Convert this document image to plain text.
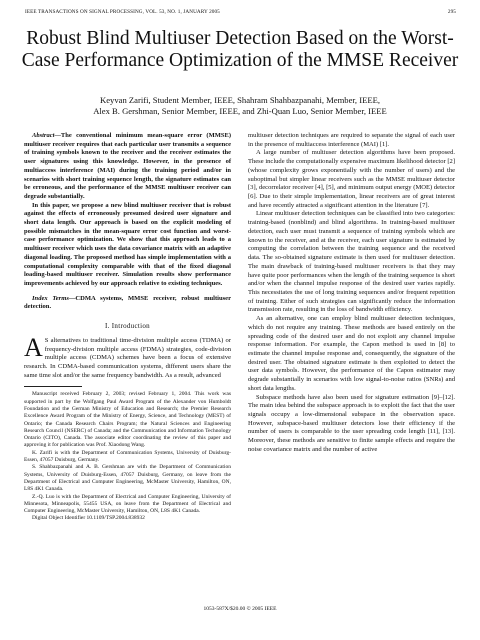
IEEE TRANSACTIONS ON SIGNAL PROCESSING, VOL. 53, NO. 1, JANUARY 2005	295
Robust Blind Multiuser Detection Based on the Worst-Case Performance Optimization of the MMSE Receiver
Keyvan Zarifi, Student Member, IEEE, Shahram Shahbazpanahi, Member, IEEE,
Alex B. Gershman, Senior Member, IEEE, and Zhi-Quan Luo, Senior Member, IEEE

Abstract—The conventional minimum mean-square error (MMSE) multiuser receiver requires that each particular user transmits a sequence of training symbols known to the receiver and the receiver estimates the user signatures using this knowledge. However, in the presence of multiaccess interference (MAI) during the training period and/or in scenarios with short training sequence length, the signature estimates can be erroneous, and the performance of the MMSE multiuser receiver can degrade substantially.

In this paper, we propose a new blind multiuser receiver that is robust against the effects of erroneously presumed desired user signature and short data length. Our approach is based on the explicit modeling of possible mismatches in the mean-square error cost function and worst-case performance optimization. We show that this approach leads to a multiuser receiver which uses the data covariance matrix with an adaptive diagonal loading. The proposed method has simple implementation with a computational complexity comparable with that of the fixed diagonal loading-based multiuser receiver. Simulation results show performance improvements achieved by our approach relative to existing techniques.

Index Terms—CDMA systems, MMSE receiver, robust multiuser detection.

I. Introduction

A S alternatives to traditional time-division multiple access (TDMA) or frequency-division multiple access (FDMA) strategies, code-division multiple access (CDMA) schemes have been a focus of extensive research. In CDMA-based communication systems, different users share the same time slot and/or the same frequency bandwidth. As a result, advanced

Manuscript received February 2, 2003; revised February 1, 2004. This work was supported in part by the Wolfgang Paul Award Program of the Alexander von Humboldt Foundation and the German Ministry of Education and Research; the Premier Research Excellence Award Program of the Ministry of Energy, Science, and Technology (MEST) of Ontario; the Canada Research Chairs Program; the Natural Sciences and Engineering Research Council (NSERC) of Canada; and the Communication and Information Technology Ontario (CITO), Canada. The associate editor coordinating the review of this paper and approving it for publication was Prof. Xiaodong Wang.

K. Zarifi is with the Department of Communication Systems, University of Duisburg-Essen, 47057 Duisburg, Germany.

S. Shahbazpanahi and A. B. Gershman are with the Department of Communication Systems, University of Duisburg-Essen, 47057 Duisburg, Germany, on leave from the Department of Electrical and Computer Engineering, McMaster University, Hamilton, ON, L8S 4K1 Canada.

Z.-Q. Luo is with the Department of Electrical and Computer Engineering, University of Minnesota, Minneapolis, 55455 USA, on leave from the Department of Electrical and Computer Engineering, McMaster University, Hamilton, ON, L8S 4K1 Canada.

Digital Object Identifier 10.1109/TSP.2004.838932

multiuser detection techniques are required to separate the signal of each user in the presence of multiaccess interference (MAI) [1].

A large number of multiuser detection algorithms have been proposed. These include the computationally expensive maximum likelihood detector [2] (whose complexity grows exponentially with the number of users) and the suboptimal but simpler linear receivers such as the MMSE multiuser detector [3], decorrelator receiver [4], [5], and minimum output energy (MOE) detector [6]. Due to their simple implementation, linear receivers are of great interest and have recently attracted a significant attention in the literature [7].

Linear multiuser detection techniques can be classified into two categories: training-based (nonblind) and blind algorithms. In training-based multiuser detection, each user must transmit a sequence of training symbols which are known to the receiver, and at the receiver, each user signature is estimated by computing the correlation between the training sequence and the received data. The so-obtained signature estimate is then used for multiuser detection. The main drawback of training-based multiuser receivers is that they may have quite poor performances when the length of the training sequence is short and/or when the channel impulse response of the desired user varies rapidly. This necessitates the use of long training sequences and/or frequent repetition of training. Either of such strategies can significantly reduce the information transmission rate, resulting in the loss of bandwidth efficiency.

As an alternative, one can employ blind multiuser detection techniques, which do not require any training. These methods are based entirely on the spreading code of the desired user and do not exploit any channel impulse response information. For example, the Capon method is used in [8] to estimate the channel impulse response and, consequently, the signature of the desired user. The obtained signature estimate is then exploited to detect the user data symbols. However, the performance of the Capon estimator may degrade substantially in scenarios with low signal-to-noise ratios (SNRs) and short data lengths.

Subspace methods have also been used for signature estimation [9]–[12]. The main idea behind the subspace approach is to exploit the fact that the user signals occupy a low-dimensional subspace in the observation space. However, subspace-based multiuser detectors lose their efficiency if the number of users is comparable to the user spreading code length [11], [13]. Moreover, these methods are sensitive to finite sample effects and require the noise covariance matrix and the number of active

1053-587X/$20.00 © 2005 IEEE
